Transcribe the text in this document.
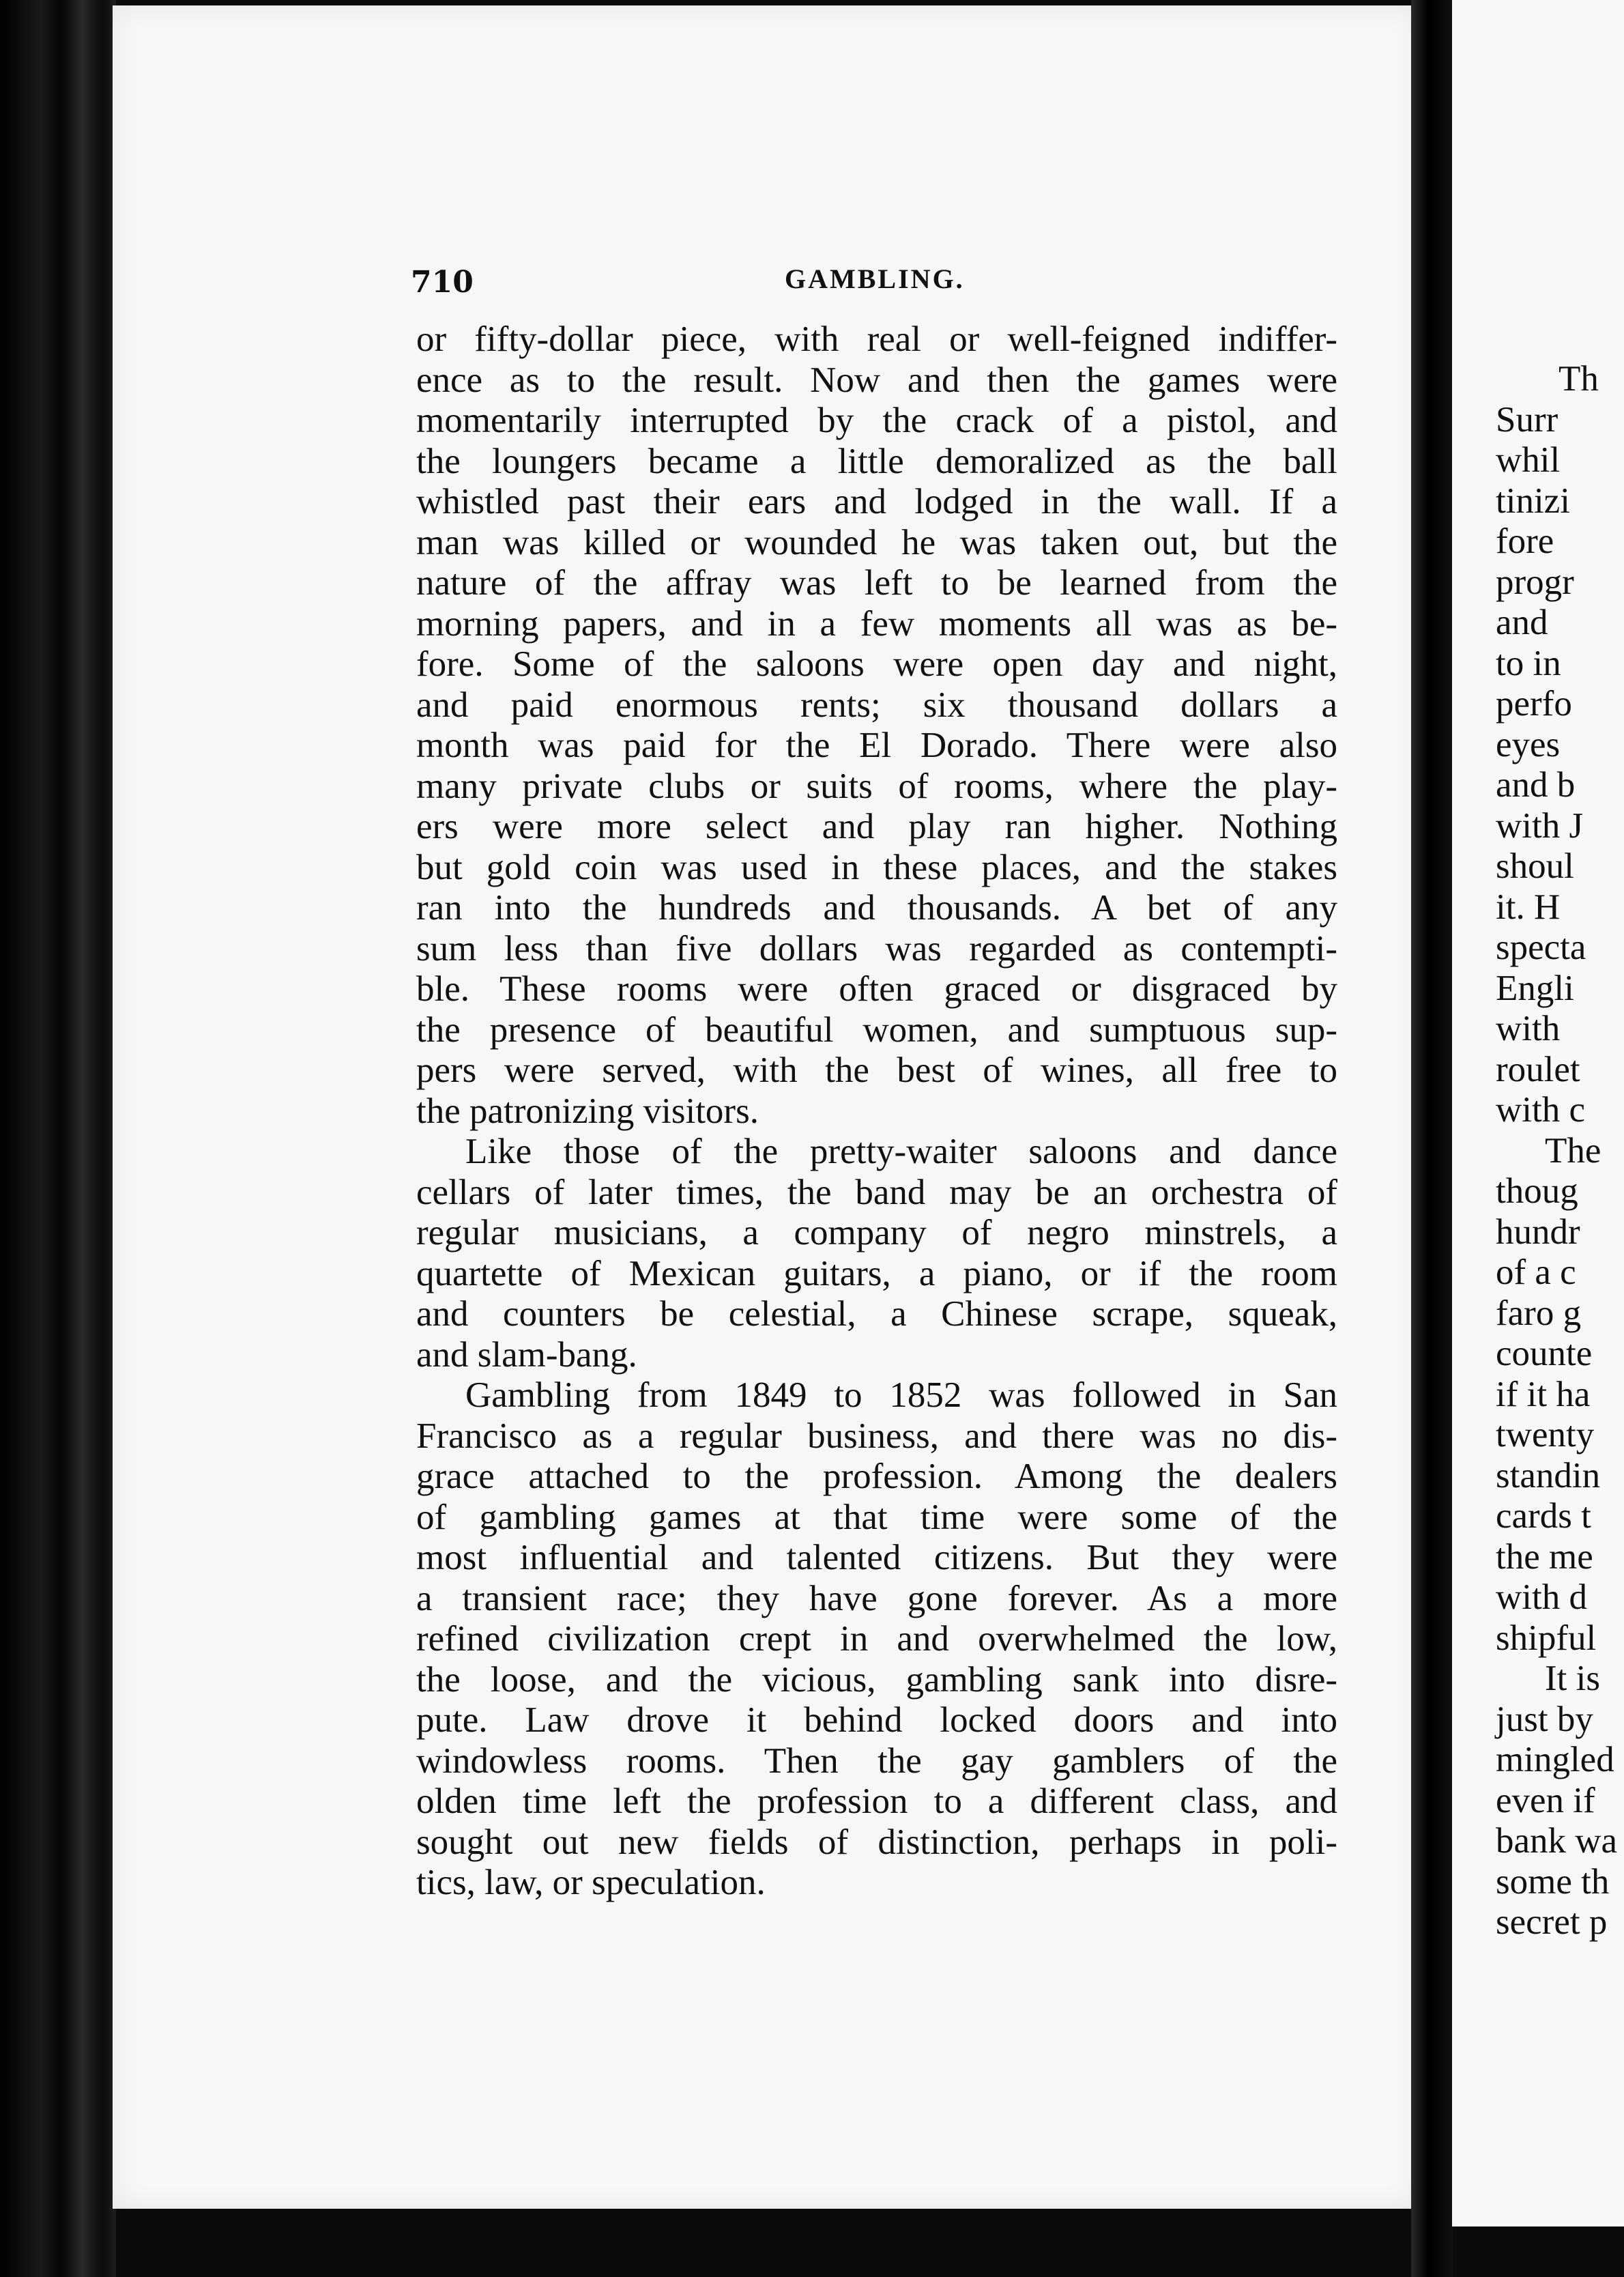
710	GAMBLING.
or fifty-dollar piece, with real or well-feigned indiffer-
ence as to the result. Now and then the games were
momentarily interrupted by the crack of a pistol, and
the loungers became a little demoralized as the ball
whistled past their ears and lodged in the wall. If a
man was killed or wounded he was taken out, but the
nature of the affray was left to be learned from the
morning papers, and in a few moments all was as be-
fore. Some of the saloons were open day and night,
and paid enormous rents; six thousand dollars a
month was paid for the El Dorado. There were also
many private clubs or suits of rooms, where the play-
ers were more select and play ran higher. Nothing
but gold coin was used in these places, and the stakes
ran into the hundreds and thousands. A bet of any
sum less than five dollars was regarded as contempti-
ble. These rooms were often graced or disgraced by
the presence of beautiful women, and sumptuous sup-
pers were served, with the best of wines, all free to
the patronizing visitors.
Like those of the pretty-waiter saloons and dance
cellars of later times, the band may be an orchestra of
regular musicians, a company of negro minstrels, a
quartette of Mexican guitars, a piano, or if the room
and counters be celestial, a Chinese scrape, squeak,
and slam-bang.
Gambling from 1849 to 1852 was followed in San
Francisco as a regular business, and there was no dis-
grace attached to the profession. Among the dealers
of gambling games at that time were some of the
most influential and talented citizens. But they were
a transient race; they have gone forever. As a more
refined civilization crept in and overwhelmed the low,
the loose, and the vicious, gambling sank into disre-
pute. Law drove it behind locked doors and into
windowless rooms. Then the gay gamblers of the
olden time left the profession to a different class, and
sought out new fields of distinction, perhaps in poli-
tics, law, or speculation.
Th
Surr
whil
tinizi
fore
progr
and
to in
perfo
eyes
and b
with J
shoul
it. H
specta
Engli
with
roulet
with c
The
thoug
hundr
of a c
faro g
counte
if it ha
twenty
standin
cards t
the me
with d
shipful
It is
just by
mingled
even if
bank wa
some th
secret p
